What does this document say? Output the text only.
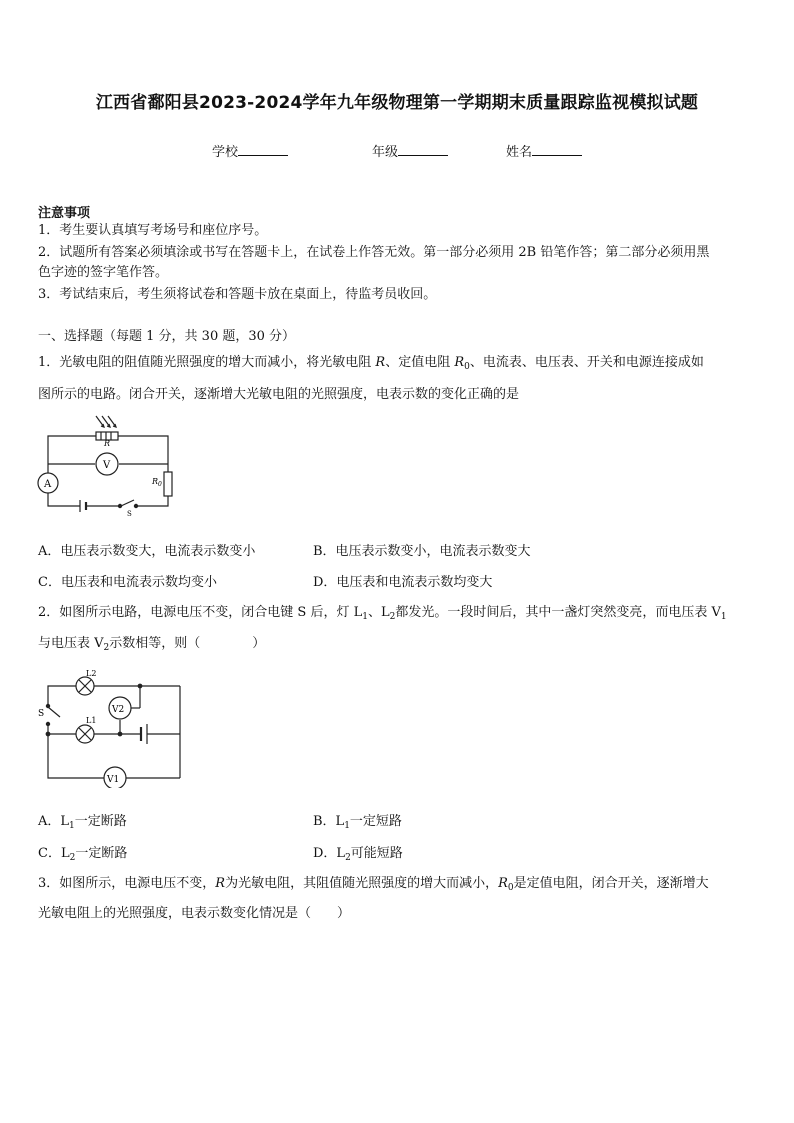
江西省鄱阳县2023-2024学年九年级物理第一学期期末质量跟踪监视模拟试题
学校	年级	姓名
注意事项
1．考生要认真填写考场号和座位序号。
2．试题所有答案必须填涂或书写在答题卡上，在试卷上作答无效。第一部分必须用 2B 铅笔作答；第二部分必须用黑
色字迹的签字笔作答。
3．考试结束后，考生须将试卷和答题卡放在桌面上，待监考员收回。
一、选择题（每题 1 分，共 30 题，30 分）
1．光敏电阻的阻值随光照强度的增大而减小，将光敏电阻 R、定值电阻 $R_0$、电流表、电压表、开关和电源连接成如
图所示的电路。闭合开关，逐渐增大光敏电阻的光照强度，电表示数的变化正确的是
R
V
A	$R_0$
S
A．电压表示数变大，电流表示数变小	B．电压表示数变小，电流表示数变大
C．电压表和电流表示数均变小	D．电压表和电流表示数均变大
2．如图所示电路，电源电压不变，闭合电键 S 后，灯 $L_1$、$L_2$都发光。一段时间后，其中一盏灯突然变亮，而电压表 $V_1$
与电压表 $V_2$示数相等，则（　　　　）
L2
V2
L1
S
V1
A．$L_1$一定断路	B．$L_1$一定短路
C．$L_2$一定断路	D．$L_2$可能短路
3．如图所示，电源电压不变，R为光敏电阻，其阻值随光照强度的增大而减小，$R_0$是定值电阻，闭合开关，逐渐增大
光敏电阻上的光照强度，电表示数变化情况是（　　）
